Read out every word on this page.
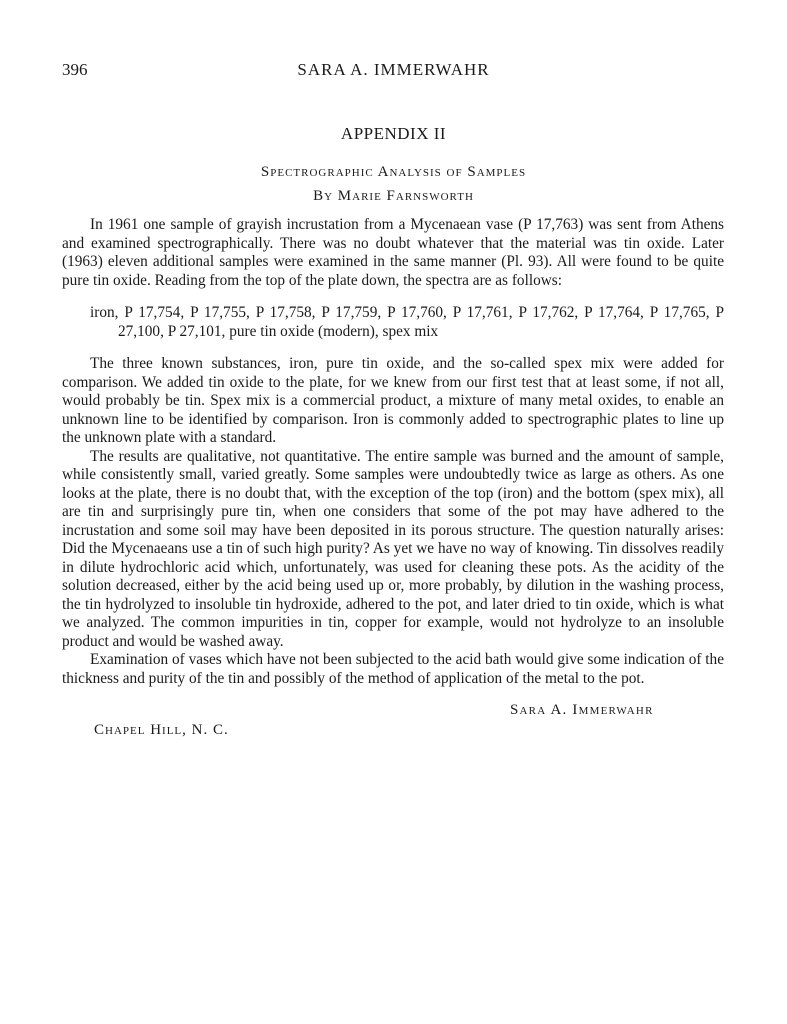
396	SARA A. IMMERWAHR
APPENDIX II
Spectrographic Analysis of Samples
By Marie Farnsworth

In 1961 one sample of grayish incrustation from a Mycenaean vase (P 17,763) was sent from Athens and examined spectrographically. There was no doubt whatever that the material was tin oxide. Later (1963) eleven additional samples were examined in the same manner (Pl. 93). All were found to be quite pure tin oxide. Reading from the top of the plate down, the spectra are as follows:

iron, P 17,754, P 17,755, P 17,758, P 17,759, P 17,760, P 17,761, P 17,762, P 17,764, P 17,765, P 27,100, P 27,101, pure tin oxide (modern), spex mix

The three known substances, iron, pure tin oxide, and the so-called spex mix were added for comparison. We added tin oxide to the plate, for we knew from our first test that at least some, if not all, would probably be tin. Spex mix is a commercial product, a mixture of many metal oxides, to enable an unknown line to be identified by comparison. Iron is commonly added to spectrographic plates to line up the unknown plate with a standard.

The results are qualitative, not quantitative. The entire sample was burned and the amount of sample, while consistently small, varied greatly. Some samples were undoubtedly twice as large as others. As one looks at the plate, there is no doubt that, with the exception of the top (iron) and the bottom (spex mix), all are tin and surprisingly pure tin, when one considers that some of the pot may have adhered to the incrustation and some soil may have been deposited in its porous structure. The question naturally arises: Did the Mycenaeans use a tin of such high purity? As yet we have no way of knowing. Tin dissolves readily in dilute hydrochloric acid which, unfortunately, was used for cleaning these pots. As the acidity of the solution decreased, either by the acid being used up or, more probably, by dilution in the washing process, the tin hydrolyzed to insoluble tin hydroxide, adhered to the pot, and later dried to tin oxide, which is what we analyzed. The common impurities in tin, copper for example, would not hydrolyze to an insoluble product and would be washed away.

Examination of vases which have not been subjected to the acid bath would give some indication of the thickness and purity of the tin and possibly of the method of application of the metal to the pot.

Sara A. Immerwahr
Chapel Hill, N. C.
